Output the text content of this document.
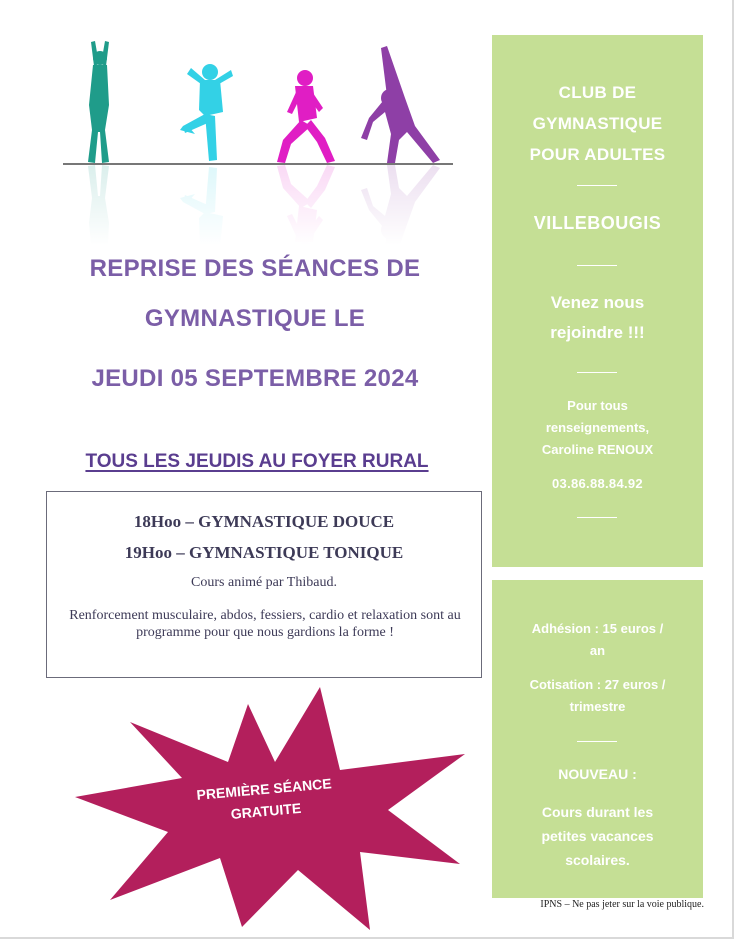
REPRISE DES SÉANCES DE
GYMNASTIQUE LE
JEUDI 05 SEPTEMBRE 2024
TOUS LES JEUDIS AU FOYER RURAL
18Hoo – GYMNASTIQUE DOUCE
19Hoo – GYMNASTIQUE TONIQUE
Cours animé par Thibaud.
Renforcement musculaire, abdos, fessiers, cardio et relaxation sont au programme pour que nous gardions la forme !
PREMIÈRE SÉANCE
GRATUITE
CLUB DE
GYMNASTIQUE
POUR ADULTES
VILLEBOUGIS
Venez nous
rejoindre !!!
Pour tous
renseignements,
Caroline RENOUX
03.86.88.84.92
Adhésion : 15 euros /
an
Cotisation : 27 euros /
trimestre
NOUVEAU :
Cours durant les
petites vacances
scolaires.
IPNS – Ne pas jeter sur la voie publique.
